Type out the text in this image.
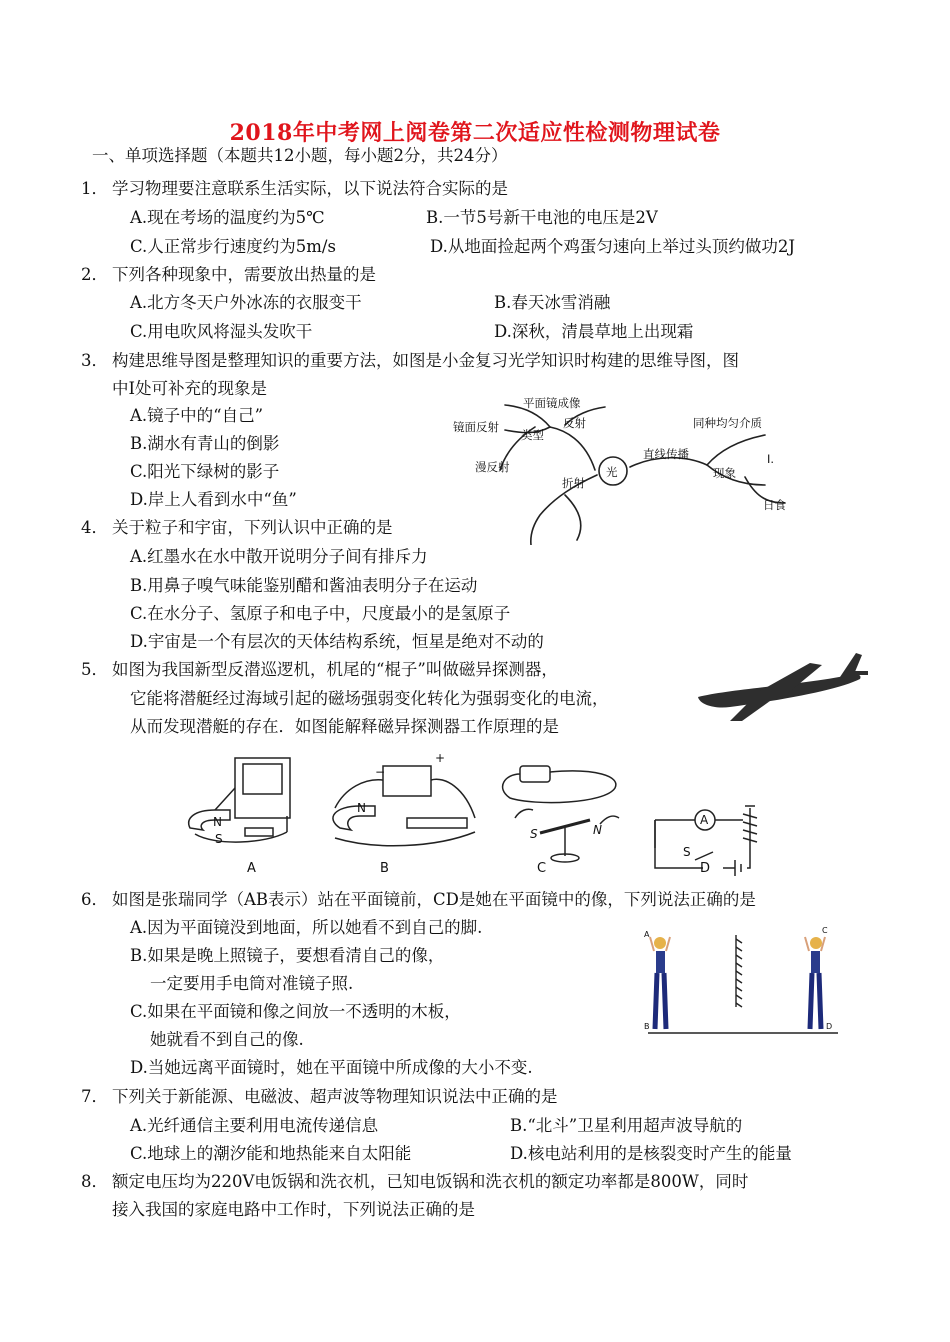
2018年中考网上阅卷第二次适应性检测物理试卷
一、单项选择题（本题共12小题，每小题2分，共24分）
1． 学习物理要注意联系生活实际，以下说法符合实际的是
A.现在考场的温度约为5℃	B.一节5号新干电池的电压是2V
C.人正常步行速度约为5m/s	D.从地面捡起两个鸡蛋匀速向上举过头顶约做功2J
2． 下列各种现象中，需要放出热量的是
A.北方冬天户外冰冻的衣服变干	B.春天冰雪消融
C.用电吹风将湿头发吹干	D.深秋，清晨草地上出现霜
3． 构建思维导图是整理知识的重要方法，如图是小金复习光学知识时构建的思维导图，图
中Ⅰ处可补充的现象是
A.镜子中的“自己”
B.湖水有青山的倒影
C.阳光下绿树的影子
D.岸上人看到水中“鱼”
光
平面镜成像
镜面反射
类型
反射
漫反射
折射
直线传播
同种均匀介质
现象
Ⅰ.
日食
4． 关于粒子和宇宙，下列认识中正确的是
A.红墨水在水中散开说明分子间有排斥力
B.用鼻子嗅气味能鉴别醋和酱油表明分子在运动
C.在水分子、氢原子和电子中，尺度最小的是氢原子
D.宇宙是一个有层次的天体结构系统，恒星是绝对不动的
5． 如图为我国新型反潜巡逻机，机尾的“棍子”叫做磁异探测器，
它能将潜艇经过海域引起的磁场强弱变化转化为强弱变化的电流，
从而发现潜艇的存在．如图能解释磁异探测器工作原理的是
N
S
N
+
−
S	N
A
S
A	B	C	D
6． 如图是张瑞同学（AB表示）站在平面镜前，CD是她在平面镜中的像，下列说法正确的是
A.因为平面镜没到地面，所以她看不到自己的脚.
B.如果是晚上照镜子，要想看清自己的像，
一定要用手电筒对准镜子照.
C.如果在平面镜和像之间放一不透明的木板，
她就看不到自己的像.
D.当她远离平面镜时，她在平面镜中所成像的大小不变.
A
B
C
D
7． 下列关于新能源、电磁波、超声波等物理知识说法中正确的是
A.光纤通信主要利用电流传递信息	B.“北斗”卫星利用超声波导航的
C.地球上的潮汐能和地热能来自太阳能	D.核电站利用的是核裂变时产生的能量
8． 额定电压均为220V电饭锅和洗衣机，已知电饭锅和洗衣机的额定功率都是800W，同时
接入我国的家庭电路中工作时，下列说法正确的是
